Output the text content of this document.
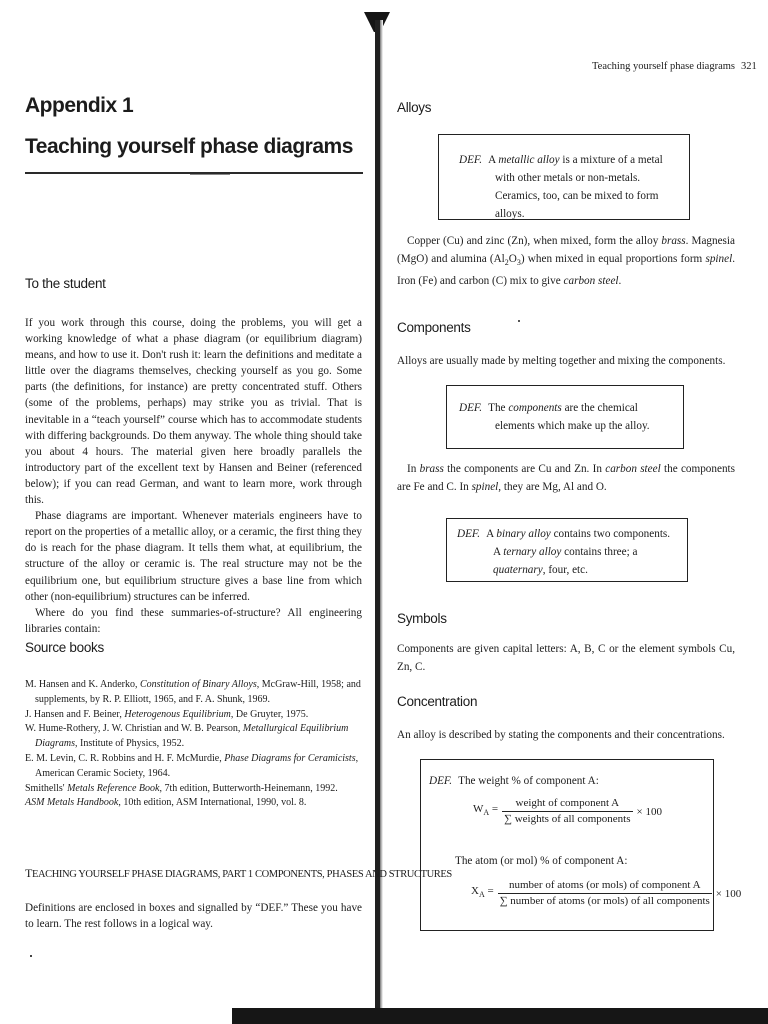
Appendix 1
Teaching yourself phase diagrams
To the student

If you work through this course, doing the problems, you will get a working knowledge of what a phase diagram (or equilibrium diagram) means, and how to use it. Don't rush it: learn the definitions and meditate a little over the diagrams themselves, checking yourself as you go. Some parts (the definitions, for instance) are pretty concentrated stuff. Others (some of the problems, perhaps) may strike you as trivial. That is inevitable in a “teach yourself” course which has to accommodate students with differing backgrounds. Do them anyway. The whole thing should take you about 4 hours. The material given here broadly parallels the introductory part of the excellent text by Hansen and Beiner (referenced below); if you can read German, and want to learn more, work through this.

Phase diagrams are important. Whenever materials engineers have to report on the properties of a metallic alloy, or a ceramic, the first thing they do is reach for the phase diagram. It tells them what, at equilibrium, the structure of the alloy or ceramic is. The real structure may not be the equilibrium one, but equilibrium structure gives a base line from which other (non-equilibrium) structures can be inferred.

Where do you find these summaries-of-structure? All engineering libraries contain:

Source books
M. Hansen and K. Anderko, Constitution of Binary Alloys, McGraw-Hill, 1958; and supplements, by R. P. Elliott, 1965, and F. A. Shunk, 1969.
J. Hansen and F. Beiner, Heterogenous Equilibrium, De Gruyter, 1975.
W. Hume-Rothery, J. W. Christian and W. B. Pearson, Metallurgical Equilibrium Diagrams, Institute of Physics, 1952.
E. M. Levin, C. R. Robbins and H. F. McMurdie, Phase Diagrams for Ceramicists, American Ceramic Society, 1964.
Smithells' Metals Reference Book, 7th edition, Butterworth-Heinemann, 1992.
ASM Metals Handbook, 10th edition, ASM International, 1990, vol. 8.
TEACHING YOURSELF PHASE DIAGRAMS, PART 1 COMPONENTS, PHASES AND STRUCTURES
Definitions are enclosed in boxes and signalled by “DEF.” These you have to learn. The rest follows in a logical way.
Teaching yourself phase diagrams 321
Alloys
DEF. A metallic alloy is a mixture of a metal with other metals or non-metals. Ceramics, too, can be mixed to form alloys.
Copper (Cu) and zinc (Zn), when mixed, form the alloy brass. Magnesia (MgO) and alumina $(Al_2O_3)$ when mixed in equal proportions form spinel. Iron (Fe) and carbon (C) mix to give carbon steel.
Components
Alloys are usually made by melting together and mixing the components.
DEF. The components are the chemical elements which make up the alloy.
In brass the components are Cu and Zn. In carbon steel the components are Fe and C. In spinel, they are Mg, Al and O.
DEF. A binary alloy contains two components. A ternary alloy contains three; a quaternary, four, etc.
Symbols
Components are given capital letters: A, B, C or the element symbols Cu, Zn, C.
Concentration
An alloy is described by stating the components and their concentrations.
DEF. The weight % of component A:
$W_A = \frac{\text{weight of component A}}{\text{∑ weights of all components}} \times 100$
The atom (or mol) % of component A:
$X_A = \frac{\text{number of atoms (or mols) of component A}}{\text{∑ number of atoms (or mols) of all components}} \times 100$
